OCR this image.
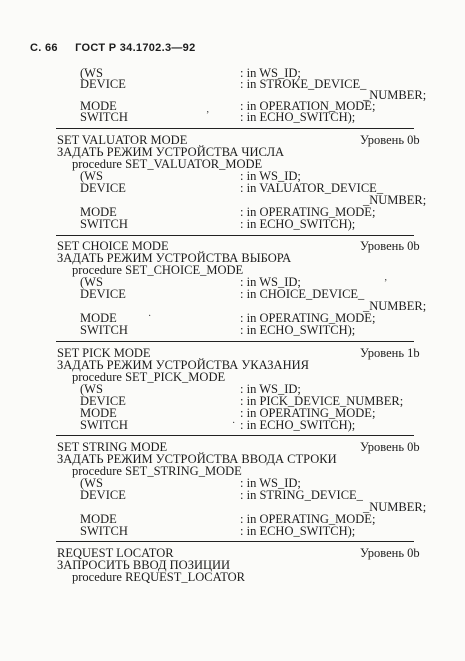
С. 66 ГОСТ Р 34.1702.3—92
(WS	: in WS_ID;
DEVICE	: in STROKE_DEVICE_
_NUMBER;
MODE	: in OPERATION_MODE;
SWITCH	: in ECHO_SWITCH);
SET VALUATOR MODE	Уровень 0b
ЗАДАТЬ РЕЖИМ УСТРОЙСТВА ЧИСЛА
procedure SET_VALUATOR_MODE
(WS	: in WS_ID;
DEVICE	: in VALUATOR_DEVICE_
_NUMBER;
MODE	: in OPERATING_MODE;
SWITCH	: in ECHO_SWITCH);
SET CHOICE MODE	Уровень 0b
ЗАДАТЬ РЕЖИМ УСТРОЙСТВА ВЫБОРА
procedure SET_CHOICE_MODE
(WS	: in WS_ID;
DEVICE	: in CHOICE_DEVICE_
_NUMBER;
MODE	: in OPERATING_MODE;
SWITCH	: in ECHO_SWITCH);
SET PICK MODE	Уровень 1b
ЗАДАТЬ РЕЖИМ УСТРОЙСТВА УКАЗАНИЯ
procedure SET_PICK_MODE
(WS	: in WS_ID;
DEVICE	: in PICK_DEVICE_NUMBER;
MODE	: in OPERATING_MODE;
SWITCH	: in ECHO_SWITCH);
SET STRING MODE	Уровень 0b
ЗАДАТЬ РЕЖИМ УСТРОЙСТВА ВВОДА СТРОКИ
procedure SET_STRING_MODE
(WS	: in WS_ID;
DEVICE	: in STRING_DEVICE_
_NUMBER;
MODE	: in OPERATING_MODE;
SWITCH	: in ECHO_SWITCH);
REQUEST LOCATOR	Уровень 0b
ЗАПРОСИТЬ ВВОД ПОЗИЦИИ
procedure REQUEST_LOCATOR
ʼ
·
ʼ
·
